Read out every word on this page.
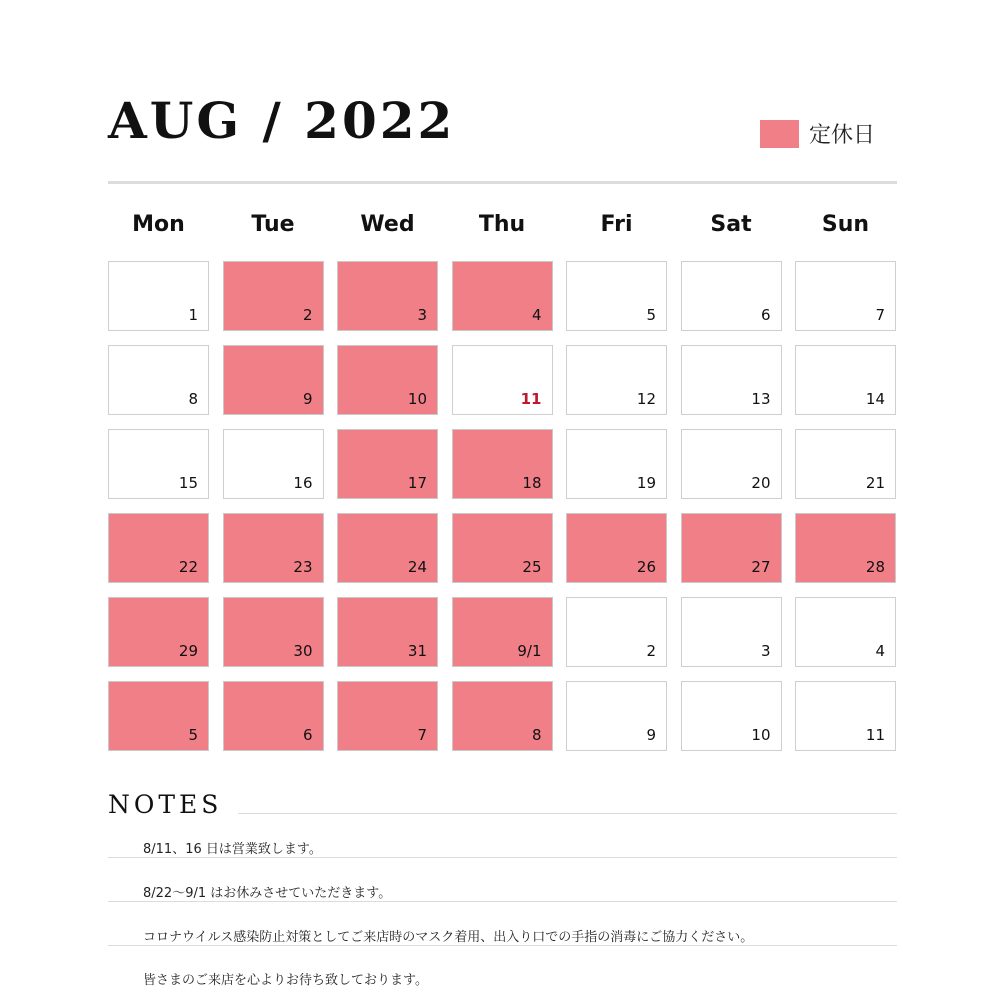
AUG / 2022	定休日
Mon	Tue	Wed	Thu	Fri	Sat	Sun
1	2	3	4	5	6	7
8	9	10	11	12	13	14
15	16	17	18	19	20	21
22	23	24	25	26	27	28
29	30	31	9/1	2	3	4
5	6	7	8	9	10	11
NOTES
8/11、16 日は営業致します。
8/22〜9/1 はお休みさせていただきます。
コロナウイルス感染防止対策としてご来店時のマスク着用、出入り口での手指の消毒にご協力ください。
皆さまのご来店を心よりお待ち致しております。
